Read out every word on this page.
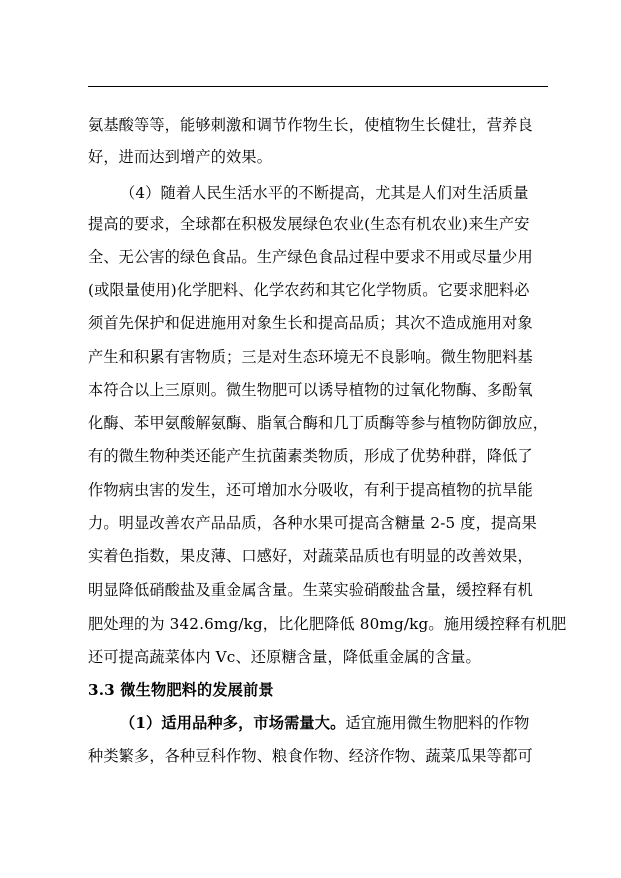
氨基酸等等，能够刺激和调节作物生长，使植物生长健壮，营养良
好，进而达到增产的效果。
（4）随着人民生活水平的不断提高，尤其是人们对生活质量
提高的要求，全球都在积极发展绿色农业(生态有机农业)来生产安
全、无公害的绿色食品。生产绿色食品过程中要求不用或尽量少用
(或限量使用)化学肥料、化学农药和其它化学物质。它要求肥料必
须首先保护和促进施用对象生长和提高品质；其次不造成施用对象
产生和积累有害物质；三是对生态环境无不良影响。微生物肥料基
本符合以上三原则。微生物肥可以诱导植物的过氧化物酶、多酚氧
化酶、苯甲氨酸解氨酶、脂氧合酶和几丁质酶等参与植物防御放应，
有的微生物种类还能产生抗菌素类物质，形成了优势种群，降低了
作物病虫害的发生，还可增加水分吸收，有利于提高植物的抗旱能
力。明显改善农产品品质，各种水果可提高含糖量 2-5 度，提高果
实着色指数，果皮薄、口感好，对蔬菜品质也有明显的改善效果，
明显降低硝酸盐及重金属含量。生菜实验硝酸盐含量，缓控释有机
肥处理的为 342.6mg/kg，比化肥降低 80mg/kg。施用缓控释有机肥
还可提高蔬菜体内 Vc、还原糖含量，降低重金属的含量。
3.3 微生物肥料的发展前景
（1）适用品种多，市场需量大。适宜施用微生物肥料的作物
种类繁多，各种豆科作物、粮食作物、经济作物、蔬菜瓜果等都可
